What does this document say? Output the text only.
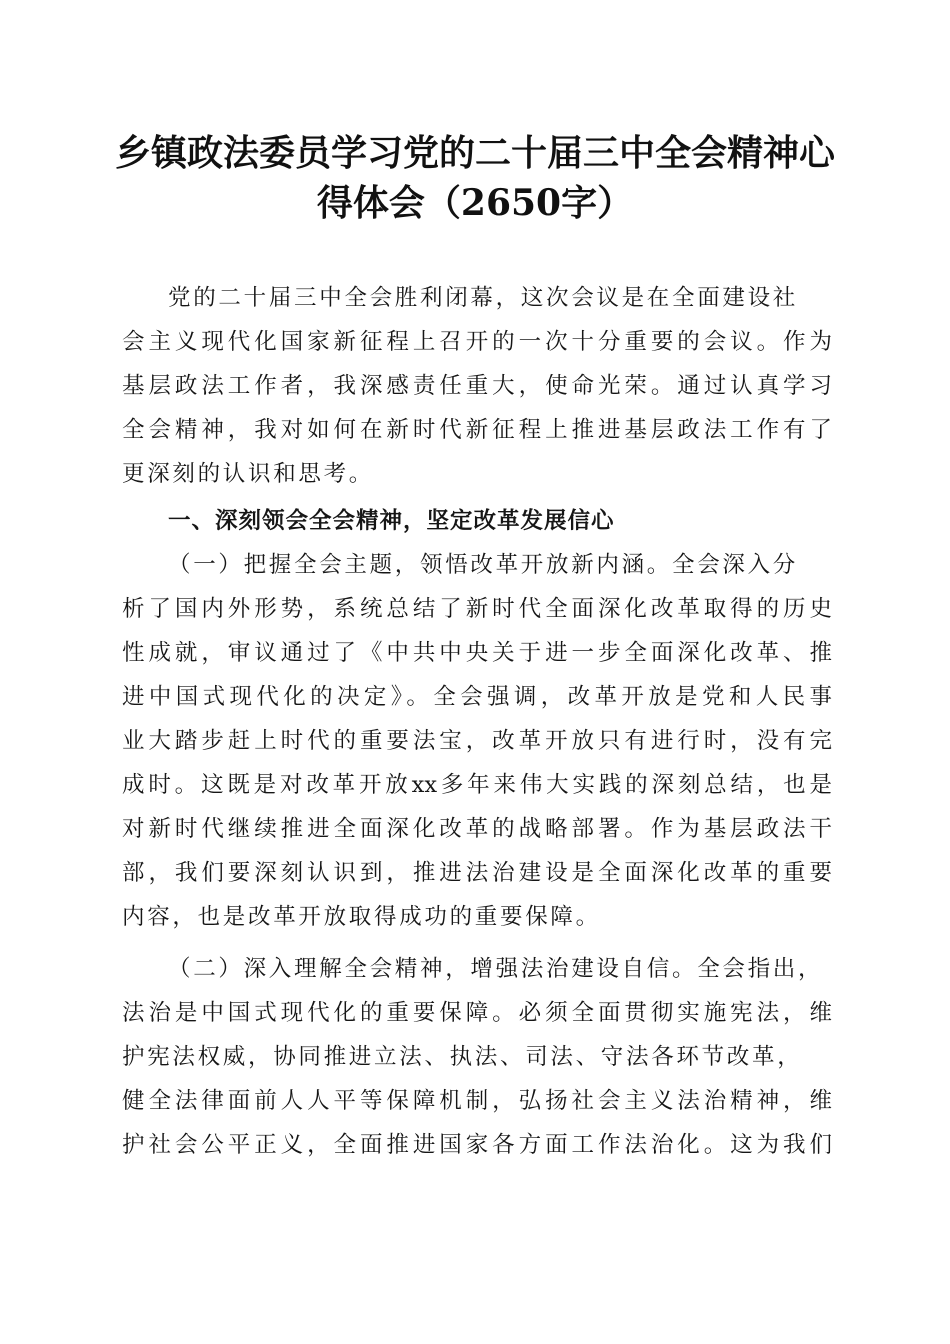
乡镇政法委员学习党的二十届三中全会精神心
得体会（2650字）
党的二十届三中全会胜利闭幕，这次会议是在全面建设社
会主义现代化国家新征程上召开的一次十分重要的会议。作为
基层政法工作者，我深感责任重大，使命光荣。通过认真学习
全会精神，我对如何在新时代新征程上推进基层政法工作有了
更深刻的认识和思考。
一、深刻领会全会精神，坚定改革发展信心
（一）把握全会主题，领悟改革开放新内涵。全会深入分
析了国内外形势，系统总结了新时代全面深化改革取得的历史
性成就，审议通过了《中共中央关于进一步全面深化改革、推
进中国式现代化的决定》。全会强调，改革开放是党和人民事
业大踏步赶上时代的重要法宝，改革开放只有进行时，没有完
成时。这既是对改革开放xx多年来伟大实践的深刻总结，也是
对新时代继续推进全面深化改革的战略部署。作为基层政法干
部，我们要深刻认识到，推进法治建设是全面深化改革的重要
内容，也是改革开放取得成功的重要保障。
（二）深入理解全会精神，增强法治建设自信。全会指出，
法治是中国式现代化的重要保障。必须全面贯彻实施宪法，维
护宪法权威，协同推进立法、执法、司法、守法各环节改革，
健全法律面前人人平等保障机制，弘扬社会主义法治精神，维
护社会公平正义，全面推进国家各方面工作法治化。这为我们
